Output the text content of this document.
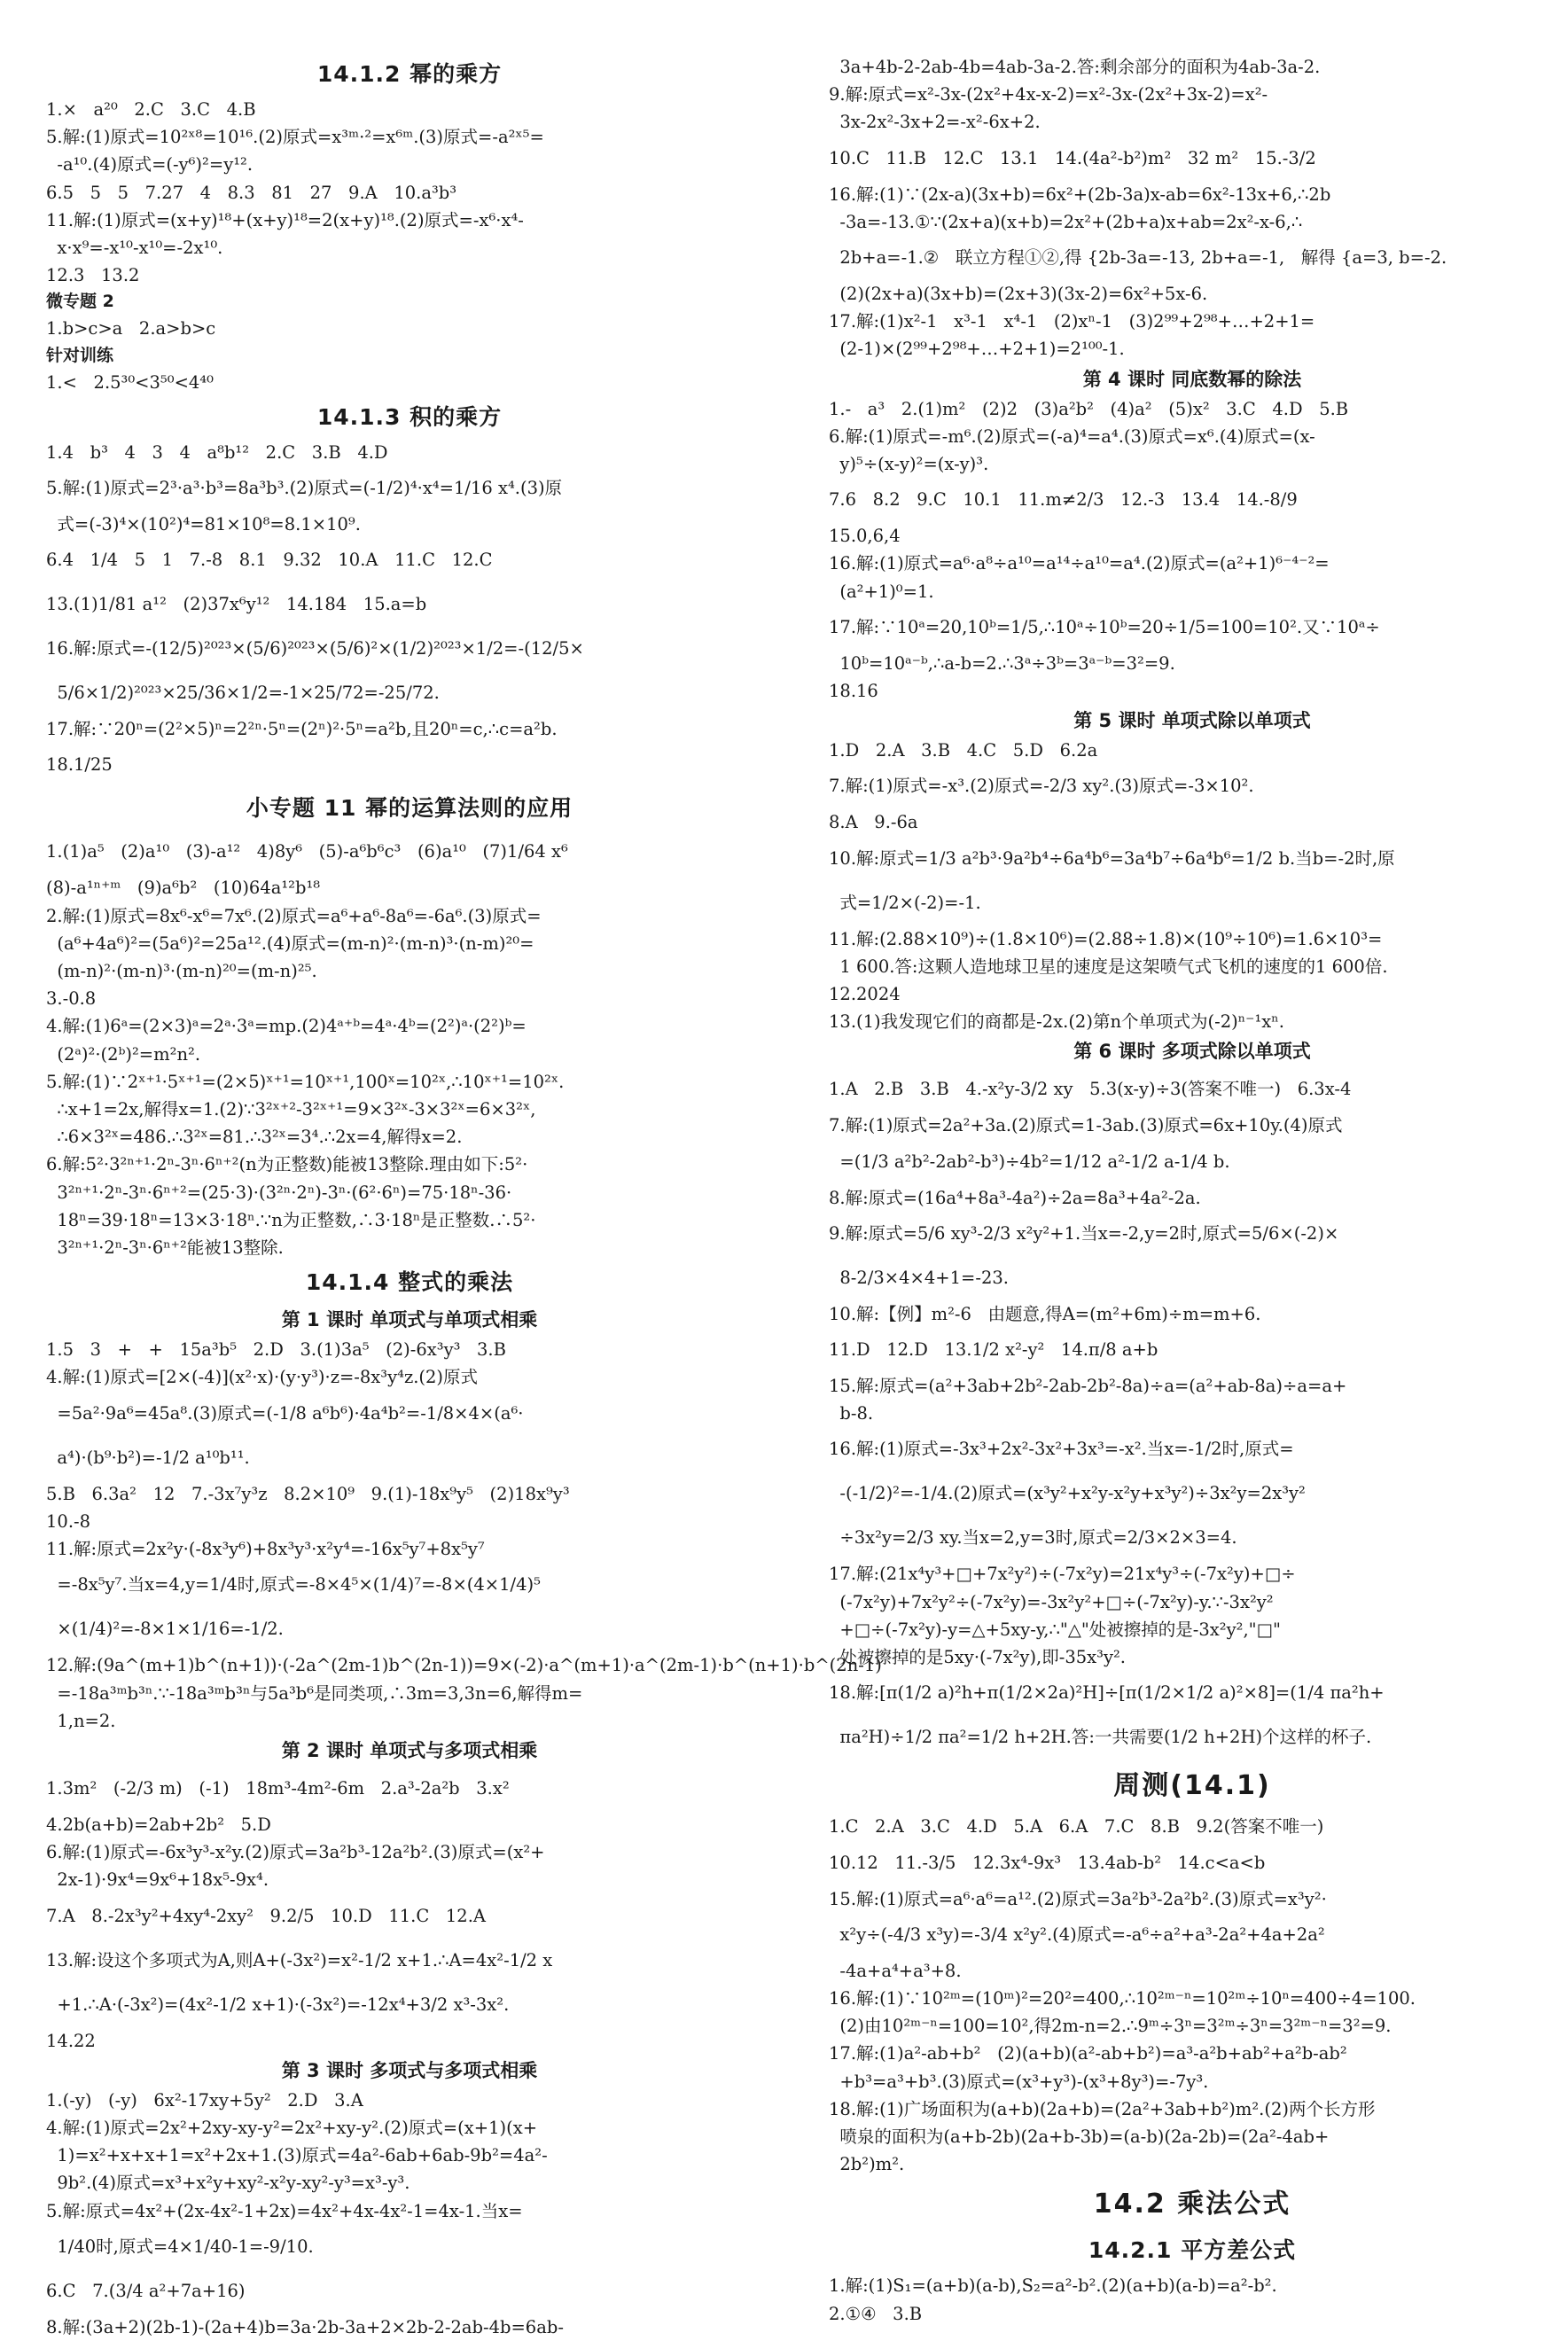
14.1.2 幂的乘方
1.×   a²⁰   2.C   3.C   4.B
5.解:(1)原式=10²ˣ⁸=10¹⁶.(2)原式=x³ᵐ·²=x⁶ᵐ.(3)原式=-a²ˣ⁵=
-a¹⁰.(4)原式=(-y⁶)²=y¹².
6.5   5   5   7.27   4   8.3   81   27   9.A   10.a³b³
11.解:(1)原式=(x+y)¹⁸+(x+y)¹⁸=2(x+y)¹⁸.(2)原式=-x⁶·x⁴-
x·x⁹=-x¹⁰-x¹⁰=-2x¹⁰.
12.3   13.2
微专题 2
1.b>c>a   2.a>b>c
针对训练
1.<   2.5³⁰<3⁵⁰<4⁴⁰
14.1.3 积的乘方
1.4   b³   4   3   4   a⁸b¹²   2.C   3.B   4.D
5.解:(1)原式=2³·a³·b³=8a³b³.(2)原式=(-1/2)⁴·x⁴=1/16 x⁴.(3)原
式=(-3)⁴×(10²)⁴=81×10⁸=8.1×10⁹.
6.4   1/4   5   1   7.-8   8.1   9.32   10.A   11.C   12.C
13.(1)1/81 a¹²   (2)37x⁶y¹²   14.184   15.a=b
16.解:原式=-(12/5)²⁰²³×(5/6)²⁰²³×(5/6)²×(1/2)²⁰²³×1/2=-(12/5×
5/6×1/2)²⁰²³×25/36×1/2=-1×25/72=-25/72.
17.解:∵20ⁿ=(2²×5)ⁿ=2²ⁿ·5ⁿ=(2ⁿ)²·5ⁿ=a²b,且20ⁿ=c,∴c=a²b.
18.1/25
小专题 11 幂的运算法则的应用
1.(1)a⁵   (2)a¹⁰   (3)-a¹²   4)8y⁶   (5)-a⁶b⁶c³   (6)a¹⁰   (7)1/64 x⁶
(8)-a¹ⁿ⁺ᵐ   (9)a⁶b²   (10)64a¹²b¹⁸
2.解:(1)原式=8x⁶-x⁶=7x⁶.(2)原式=a⁶+a⁶-8a⁶=-6a⁶.(3)原式=
(a⁶+4a⁶)²=(5a⁶)²=25a¹².(4)原式=(m-n)²·(m-n)³·(n-m)²⁰=
(m-n)²·(m-n)³·(m-n)²⁰=(m-n)²⁵.
3.-0.8
4.解:(1)6ᵃ=(2×3)ᵃ=2ᵃ·3ᵃ=mp.(2)4ᵃ⁺ᵇ=4ᵃ·4ᵇ=(2²)ᵃ·(2²)ᵇ=
(2ᵃ)²·(2ᵇ)²=m²n².
5.解:(1)∵2ˣ⁺¹·5ˣ⁺¹=(2×5)ˣ⁺¹=10ˣ⁺¹,100ˣ=10²ˣ,∴10ˣ⁺¹=10²ˣ.
∴x+1=2x,解得x=1.(2)∵3²ˣ⁺²-3²ˣ⁺¹=9×3²ˣ-3×3²ˣ=6×3²ˣ,
∴6×3²ˣ=486.∴3²ˣ=81.∴3²ˣ=3⁴.∴2x=4,解得x=2.
6.解:5²·3²ⁿ⁺¹·2ⁿ-3ⁿ·6ⁿ⁺²(n为正整数)能被13整除.理由如下:5²·
3²ⁿ⁺¹·2ⁿ-3ⁿ·6ⁿ⁺²=(25·3)·(3²ⁿ·2ⁿ)-3ⁿ·(6²·6ⁿ)=75·18ⁿ-36·
18ⁿ=39·18ⁿ=13×3·18ⁿ.∵n为正整数,∴3·18ⁿ是正整数.∴5²·
3²ⁿ⁺¹·2ⁿ-3ⁿ·6ⁿ⁺²能被13整除.
14.1.4 整式的乘法
第 1 课时 单项式与单项式相乘
1.5   3   +   +   15a³b⁵   2.D   3.(1)3a⁵   (2)-6x³y³   3.B
4.解:(1)原式=[2×(-4)](x²·x)·(y·y³)·z=-8x³y⁴z.(2)原式
=5a²·9a⁶=45a⁸.(3)原式=(-1/8 a⁶b⁶)·4a⁴b²=-1/8×4×(a⁶·
a⁴)·(b⁹·b²)=-1/2 a¹⁰b¹¹.
5.B   6.3a²   12   7.-3x⁷y³z   8.2×10⁹   9.(1)-18x⁹y⁵   (2)18x⁹y³
10.-8
11.解:原式=2x²y·(-8x³y⁶)+8x³y³·x²y⁴=-16x⁵y⁷+8x⁵y⁷
=-8x⁵y⁷.当x=4,y=1/4时,原式=-8×4⁵×(1/4)⁷=-8×(4×1/4)⁵
×(1/4)²=-8×1×1/16=-1/2.
12.解:(9a^(m+1)b^(n+1))·(-2a^(2m-1)b^(2n-1))=9×(-2)·a^(m+1)·a^(2m-1)·b^(n+1)·b^(2n-1)
=-18a³ᵐb³ⁿ.∵-18a³ᵐb³ⁿ与5a³b⁶是同类项,∴3m=3,3n=6,解得m=
1,n=2.
第 2 课时 单项式与多项式相乘
1.3m²   (-2/3 m)   (-1)   18m³-4m²-6m   2.a³-2a²b   3.x²
4.2b(a+b)=2ab+2b²   5.D
6.解:(1)原式=-6x³y³-x²y.(2)原式=3a²b³-12a²b².(3)原式=(x²+
2x-1)·9x⁴=9x⁶+18x⁵-9x⁴.
7.A   8.-2x³y²+4xy⁴-2xy²   9.2/5   10.D   11.C   12.A
13.解:设这个多项式为A,则A+(-3x²)=x²-1/2 x+1.∴A=4x²-1/2 x
+1.∴A·(-3x²)=(4x²-1/2 x+1)·(-3x²)=-12x⁴+3/2 x³-3x².
14.22
第 3 课时 多项式与多项式相乘
1.(-y)   (-y)   6x²-17xy+5y²   2.D   3.A
4.解:(1)原式=2x²+2xy-xy-y²=2x²+xy-y².(2)原式=(x+1)(x+
1)=x²+x+x+1=x²+2x+1.(3)原式=4a²-6ab+6ab-9b²=4a²-
9b².(4)原式=x³+x²y+xy²-x²y-xy²-y³=x³-y³.
5.解:原式=4x²+(2x-4x²-1+2x)=4x²+4x-4x²-1=4x-1.当x=
1/40时,原式=4×1/40-1=-9/10.
6.C   7.(3/4 a²+7a+16)
8.解:(3a+2)(2b-1)-(2a+4)b=3a·2b-3a+2×2b-2-2ab-4b=6ab-
3a+4b-2-2ab-4b=4ab-3a-2.答:剩余部分的面积为4ab-3a-2.
9.解:原式=x²-3x-(2x²+4x-x-2)=x²-3x-(2x²+3x-2)=x²-
3x-2x²-3x+2=-x²-6x+2.
10.C   11.B   12.C   13.1   14.(4a²-b²)m²   32 m²   15.-3/2
16.解:(1)∵(2x-a)(3x+b)=6x²+(2b-3a)x-ab=6x²-13x+6,∴2b
-3a=-13.①∵(2x+a)(x+b)=2x²+(2b+a)x+ab=2x²-x-6,∴
2b+a=-1.②   联立方程①②,得 {2b-3a=-13, 2b+a=-1,   解得 {a=3, b=-2.
(2)(2x+a)(3x+b)=(2x+3)(3x-2)=6x²+5x-6.
17.解:(1)x²-1   x³-1   x⁴-1   (2)xⁿ-1   (3)2⁹⁹+2⁹⁸+…+2+1=
(2-1)×(2⁹⁹+2⁹⁸+…+2+1)=2¹⁰⁰-1.
第 4 课时 同底数幂的除法
1.-   a³   2.(1)m²   (2)2   (3)a²b²   (4)a²   (5)x²   3.C   4.D   5.B
6.解:(1)原式=-m⁶.(2)原式=(-a)⁴=a⁴.(3)原式=x⁶.(4)原式=(x-
y)⁵÷(x-y)²=(x-y)³.
7.6   8.2   9.C   10.1   11.m≠2/3   12.-3   13.4   14.-8/9
15.0,6,4
16.解:(1)原式=a⁶·a⁸÷a¹⁰=a¹⁴÷a¹⁰=a⁴.(2)原式=(a²+1)⁶⁻⁴⁻²=
(a²+1)⁰=1.
17.解:∵10ᵃ=20,10ᵇ=1/5,∴10ᵃ÷10ᵇ=20÷1/5=100=10².又∵10ᵃ÷
10ᵇ=10ᵃ⁻ᵇ,∴a-b=2.∴3ᵃ÷3ᵇ=3ᵃ⁻ᵇ=3²=9.
18.16
第 5 课时 单项式除以单项式
1.D   2.A   3.B   4.C   5.D   6.2a
7.解:(1)原式=-x³.(2)原式=-2/3 xy².(3)原式=-3×10².
8.A   9.-6a
10.解:原式=1/3 a²b³·9a²b⁴÷6a⁴b⁶=3a⁴b⁷÷6a⁴b⁶=1/2 b.当b=-2时,原
式=1/2×(-2)=-1.
11.解:(2.88×10⁹)÷(1.8×10⁶)=(2.88÷1.8)×(10⁹÷10⁶)=1.6×10³=
1 600.答:这颗人造地球卫星的速度是这架喷气式飞机的速度的1 600倍.
12.2024
13.(1)我发现它们的商都是-2x.(2)第n个单项式为(-2)ⁿ⁻¹xⁿ.
第 6 课时 多项式除以单项式
1.A   2.B   3.B   4.-x²y-3/2 xy   5.3(x-y)÷3(答案不唯一)   6.3x-4
7.解:(1)原式=2a²+3a.(2)原式=1-3ab.(3)原式=6x+10y.(4)原式
=(1/3 a²b²-2ab²-b³)÷4b²=1/12 a²-1/2 a-1/4 b.
8.解:原式=(16a⁴+8a³-4a²)÷2a=8a³+4a²-2a.
9.解:原式=5/6 xy³-2/3 x²y²+1.当x=-2,y=2时,原式=5/6×(-2)×
8-2/3×4×4+1=-23.
10.解:【例】m²-6   由题意,得A=(m²+6m)÷m=m+6.
11.D   12.D   13.1/2 x²-y²   14.π/8 a+b
15.解:原式=(a²+3ab+2b²-2ab-2b²-8a)÷a=(a²+ab-8a)÷a=a+
b-8.
16.解:(1)原式=-3x³+2x²-3x²+3x³=-x².当x=-1/2时,原式=
-(-1/2)²=-1/4.(2)原式=(x³y²+x²y-x²y+x³y²)÷3x²y=2x³y²
÷3x²y=2/3 xy.当x=2,y=3时,原式=2/3×2×3=4.
17.解:(21x⁴y³+□+7x²y²)÷(-7x²y)=21x⁴y³÷(-7x²y)+□÷
(-7x²y)+7x²y²÷(-7x²y)=-3x²y²+□÷(-7x²y)-y.∵-3x²y²
+□÷(-7x²y)-y=△+5xy-y,∴"△"处被擦掉的是-3x²y²,"□"
处被擦掉的是5xy·(-7x²y),即-35x³y².
18.解:[π(1/2 a)²h+π(1/2×2a)²H]÷[π(1/2×1/2 a)²×8]=(1/4 πa²h+
πa²H)÷1/2 πa²=1/2 h+2H.答:一共需要(1/2 h+2H)个这样的杯子.
周测(14.1)
1.C   2.A   3.C   4.D   5.A   6.A   7.C   8.B   9.2(答案不唯一)
10.12   11.-3/5   12.3x⁴-9x³   13.4ab-b²   14.c<a<b
15.解:(1)原式=a⁶·a⁶=a¹².(2)原式=3a²b³-2a²b².(3)原式=x³y²·
x²y÷(-4/3 x³y)=-3/4 x²y².(4)原式=-a⁶÷a²+a³-2a²+4a+2a²
-4a+a⁴+a³+8.
16.解:(1)∵10²ᵐ=(10ᵐ)²=20²=400,∴10²ᵐ⁻ⁿ=10²ᵐ÷10ⁿ=400÷4=100.
(2)由10²ᵐ⁻ⁿ=100=10²,得2m-n=2.∴9ᵐ÷3ⁿ=3²ᵐ÷3ⁿ=3²ᵐ⁻ⁿ=3²=9.
17.解:(1)a²-ab+b²   (2)(a+b)(a²-ab+b²)=a³-a²b+ab²+a²b-ab²
+b³=a³+b³.(3)原式=(x³+y³)-(x³+8y³)=-7y³.
18.解:(1)广场面积为(a+b)(2a+b)=(2a²+3ab+b²)m².(2)两个长方形
喷泉的面积为(a+b-2b)(2a+b-3b)=(a-b)(2a-2b)=(2a²-4ab+
2b²)m².
14.2 乘法公式
14.2.1 平方差公式
1.解:(1)S₁=(a+b)(a-b),S₂=a²-b².(2)(a+b)(a-b)=a²-b².
2.①④   3.B
